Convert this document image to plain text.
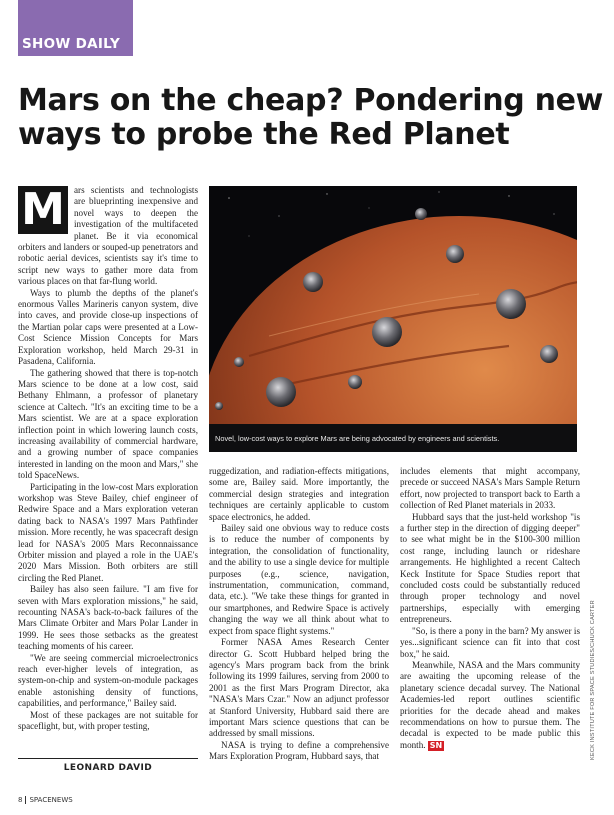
SHOW DAILY
Mars on the cheap? Pondering new ways to probe the Red Planet

M	ars scientists and technologists are blueprinting inexpensive and novel ways to deepen the investigation of the multifaceted planet. Be it via economical orbiters and landers or souped-up penetrators and robotic aerial devices, scientists say it's time to script new ways to gather more data from various places on that far-flung world.

Ways to plumb the depths of the planet's enormous Valles Marineris canyon system, dive into caves, and provide close-up inspections of the Martian polar caps were presented at a Low-Cost Science Mission Concepts for Mars Exploration workshop, held March 29-31 in Pasadena, California.

The gathering showed that there is top-notch Mars science to be done at a low cost, said Bethany Ehlmann, a professor of planetary science at Caltech. "It's an exciting time to be a Mars scientist. We are at a space exploration inflection point in which lowering launch costs, increasing availability of commercial hardware, and a growing number of space companies interested in landing on the moon and Mars," she told SpaceNews.

Participating in the low-cost Mars exploration workshop was Steve Bailey, chief engineer of Redwire Space and a Mars exploration veteran dating back to NASA's 1997 Mars Pathfinder mission. More recently, he was spacecraft design lead for NASA's 2005 Mars Reconnaissance Orbiter mission and played a role in the UAE's 2020 Mars Mission. Both orbiters are still circling the Red Planet.

Bailey has also seen failure. "I am five for seven with Mars exploration missions," he said, recounting NASA's back-to-back failures of the Mars Climate Orbiter and Mars Polar Lander in 1999. He sees those setbacks as the greatest teaching moments of his career.

"We are seeing commercial microelectronics reach ever-higher levels of integration, as system-on-chip and system-on-module packages enable astonishing density of functions, capabilities, and performance," Bailey said.

Most of these packages are not suitable for spaceflight, but, with proper testing,

LEONARD DAVID
Novel, low-cost ways to explore Mars are being advocated by engineers and scientists.

ruggedization, and radiation-effects mitigations, some are, Bailey said. More importantly, the commercial design strategies and integration techniques are certainly applicable to custom space electronics, he added.

Bailey said one obvious way to reduce costs is to reduce the number of components by integration, the consolidation of functionality, and the ability to use a single device for multiple purposes (e.g., science, navigation, instrumentation, communication, command, data, etc.). "We take these things for granted in our smartphones, and Redwire Space is actively changing the way we all think about what to expect from space flight systems."

Former NASA Ames Research Center director G. Scott Hubbard helped bring the agency's Mars program back from the brink following its 1999 failures, serving from 2000 to 2001 as the first Mars Program Director, aka "NASA's Mars Czar." Now an adjunct professor at Stanford University, Hubbard said there are important Mars science questions that can be addressed by small missions.

NASA is trying to define a comprehensive Mars Exploration Program, Hubbard says, that

includes elements that might accompany, precede or succeed NASA's Mars Sample Return effort, now projected to transport back to Earth a collection of Red Planet materials in 2033.

Hubbard says that the just-held workshop "is a further step in the direction of digging deeper" to see what might be in the $100-300 million cost range, including launch or rideshare arrangements. He highlighted a recent Caltech Keck Institute for Space Studies report that concluded costs could be substantially reduced through proper technology and novel partnerships, especially with emerging entrepreneurs.

"So, is there a pony in the barn? My answer is yes...significant science can fit into that cost box," he said.

Meanwhile, NASA and the Mars community are awaiting the upcoming release of the planetary science decadal survey. The National Academies-led report outlines scientific priorities for the decade ahead and makes recommendations on how to pursue them. The decadal is expected to be made public this month. SN	KECK INSTITUTE FOR SPACE STUDIES/CHUCK CARTER
8 SPACENEWS
